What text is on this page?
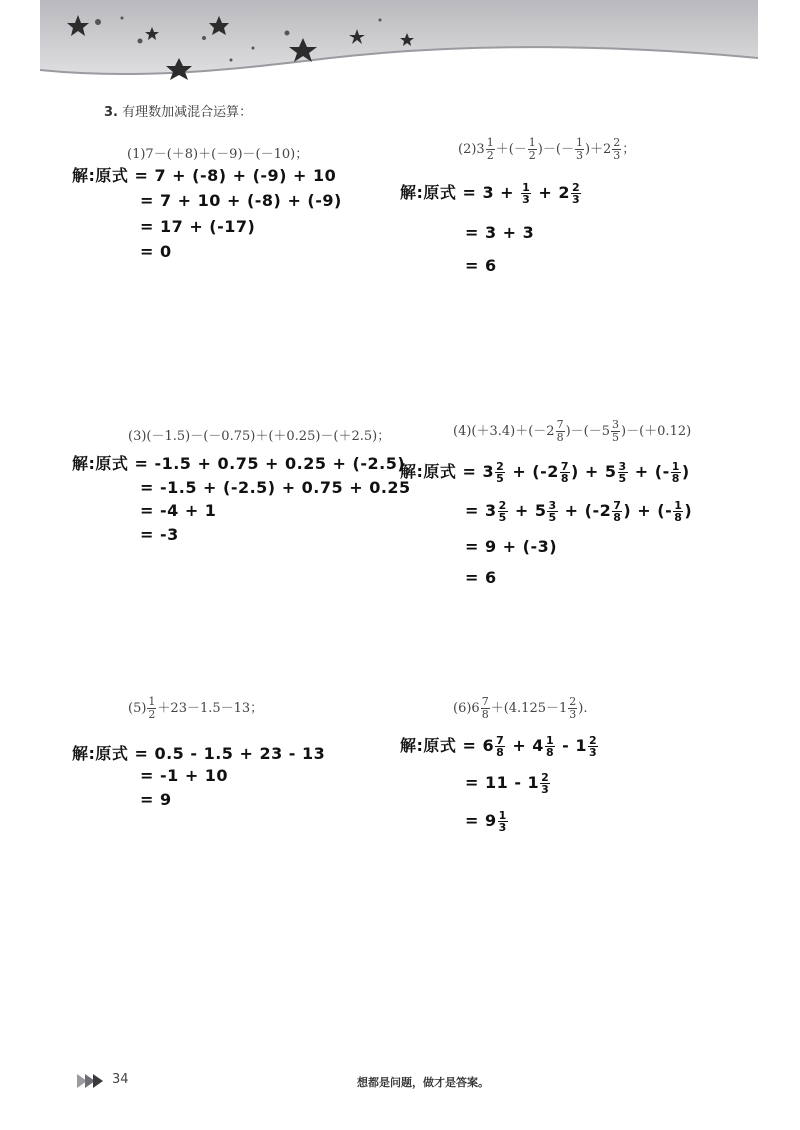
3. 有理数加减混合运算：
(1)7－(＋8)＋(－9)－(－10)；	$(2)3 \frac{1}{2}$ ＋(－ $\frac{1}{2}$ )－(－ $\frac{1}{3} )+2 \frac{2}{3}$ ；
解:原式 = 7 + (-8) + (-9) + 10
= 7 + 10 + (-8) + (-9)
= 17 + (-17)
= 0
解:原式 = $3 + \frac{1}{3} + 2 \frac{2}{3}$
= 3 + 3
= 6
(3)(－1.5)－(－0.75)＋(＋0.25)－(＋2.5)；	$(4)(+3.4)+(-2 \frac{7}{8} )-(-5 \frac{3}{5} )-(+0.12)$
解:原式 = -1.5 + 0.75 + 0.25 + (-2.5)
= -1.5 + (-2.5) + 0.75 + 0.25
= -4 + 1
= -3
解:原式 = $3 \frac{2}{5} + (-2 \frac{7}{8}$ ) + $5 \frac{3}{5}$ + (- $\frac{1}{8}$ )
= $3 \frac{2}{5} + 5 \frac{3}{5} + (-2 \frac{7}{8}$ ) + (- $\frac{1}{8}$ )
= 9 + (-3)
= 6
$(5) \frac{1}{2} +23-1.5-13$；	$(6)6 \frac{7}{8} +(4.125-1 \frac{2}{3}$ ).
解:原式 = 0.5 - 1.5 + 23 - 13
= -1 + 10
= 9
解:原式 = $6 \frac{7}{8} + 4 \frac{1}{8} - 1 \frac{2}{3}$
= $11 - 1 \frac{2}{3}$
= $9 \frac{1}{3}$
34	想都是问题，做才是答案。
